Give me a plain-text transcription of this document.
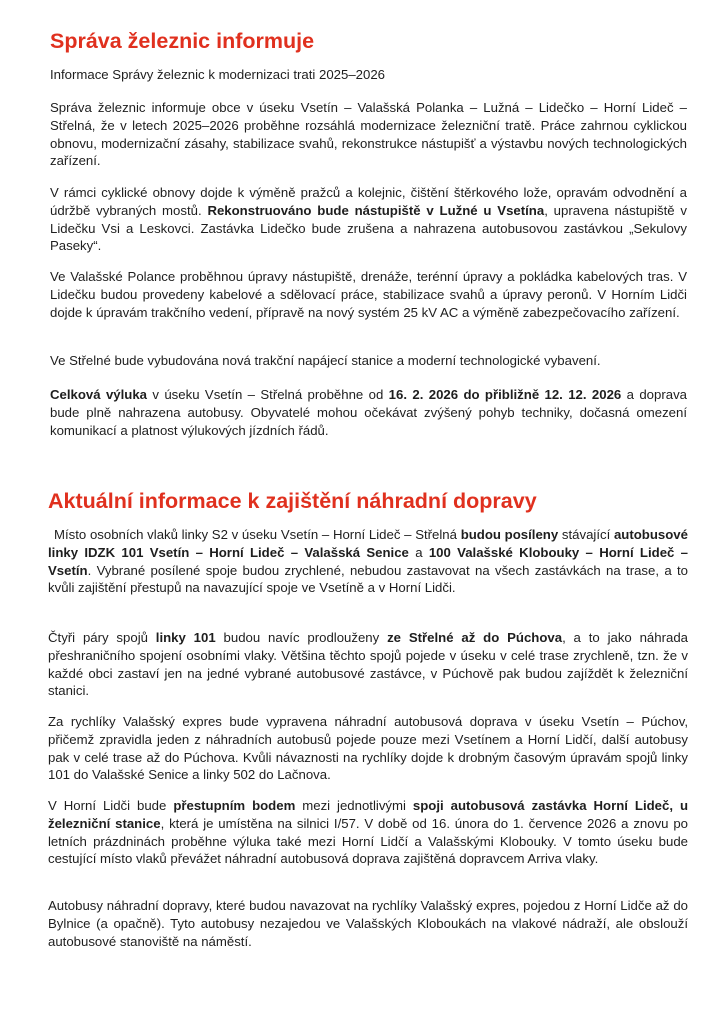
Správa železnic informuje

Informace Správy železnic k modernizaci trati 2025–2026

Správa železnic informuje obce v úseku Vsetín – Valašská Polanka – Lužná – Lidečko – Horní Lideč – Střelná, že v letech 2025–2026 proběhne rozsáhlá modernizace železniční tratě. Práce zahrnou cyklickou obnovu, modernizační zásahy, stabilizace svahů, rekonstrukce nástupišť a výstavbu nových technologických zařízení.

V rámci cyklické obnovy dojde k výměně pražců a kolejnic, čištění štěrkového lože, opravám odvodnění a údržbě vybraných mostů. Rekonstruováno bude nástupiště v Lužné u Vsetína, upravena nástupiště v Lidečku Vsi a Leskovci. Zastávka Lidečko bude zrušena a nahrazena autobusovou zastávkou „Sekulovy Paseky“.

Ve Valašské Polance proběhnou úpravy nástupiště, drenáže, terénní úpravy a pokládka kabelových tras. V Lidečku budou provedeny kabelové a sdělovací práce, stabilizace svahů a úpravy peronů. V Horním Lidči dojde k úpravám trakčního vedení, přípravě na nový systém 25 kV AC a výměně zabezpečovacího zařízení.

Ve Střelné bude vybudována nová trakční napájecí stanice a moderní technologické vybavení.

Celková výluka v úseku Vsetín – Střelná proběhne od 16. 2. 2026 do přibližně 12. 12. 2026 a doprava bude plně nahrazena autobusy. Obyvatelé mohou očekávat zvýšený pohyb techniky, dočasná omezení komunikací a platnost výlukových jízdních řádů.

Aktuální informace k zajištění náhradní dopravy

Místo osobních vlaků linky S2 v úseku Vsetín – Horní Lideč – Střelná budou posíleny stávající autobusové linky IDZK 101 Vsetín – Horní Lideč – Valašská Senice a 100 Valašské Klobouky – Horní Lideč – Vsetín. Vybrané posílené spoje budou zrychlené, nebudou zastavovat na všech zastávkách na trase, a to kvůli zajištění přestupů na navazující spoje ve Vsetíně a v Horní Lidči.

Čtyři páry spojů linky 101 budou navíc prodlouženy ze Střelné až do Púchova, a to jako náhrada přeshraničního spojení osobními vlaky. Většina těchto spojů pojede v úseku v celé trase zrychleně, tzn. že v každé obci zastaví jen na jedné vybrané autobusové zastávce, v Púchově pak budou zajíždět k železniční stanici.

Za rychlíky Valašský expres bude vypravena náhradní autobusová doprava v úseku Vsetín – Púchov, přičemž zpravidla jeden z náhradních autobusů pojede pouze mezi Vsetínem a Horní Lidčí, další autobusy pak v celé trase až do Púchova. Kvůli návaznosti na rychlíky dojde k drobným časovým úpravám spojů linky 101 do Valašské Senice a linky 502 do Lačnova.

V Horní Lidči bude přestupním bodem mezi jednotlivými spoji autobusová zastávka Horní Lideč, u železniční stanice, která je umístěna na silnici I/57. V době od 16. února do 1. července 2026 a znovu po letních prázdninách proběhne výluka také mezi Horní Lidčí a Valašskými Klobouky. V tomto úseku bude cestující místo vlaků převážet náhradní autobusová doprava zajištěná dopravcem Arriva vlaky.

Autobusy náhradní dopravy, které budou navazovat na rychlíky Valašský expres, pojedou z Horní Lidče až do Bylnice (a opačně). Tyto autobusy nezajedou ve Valašských Kloboukách na vlakové nádraží, ale obslouží autobusové stanoviště na náměstí.
